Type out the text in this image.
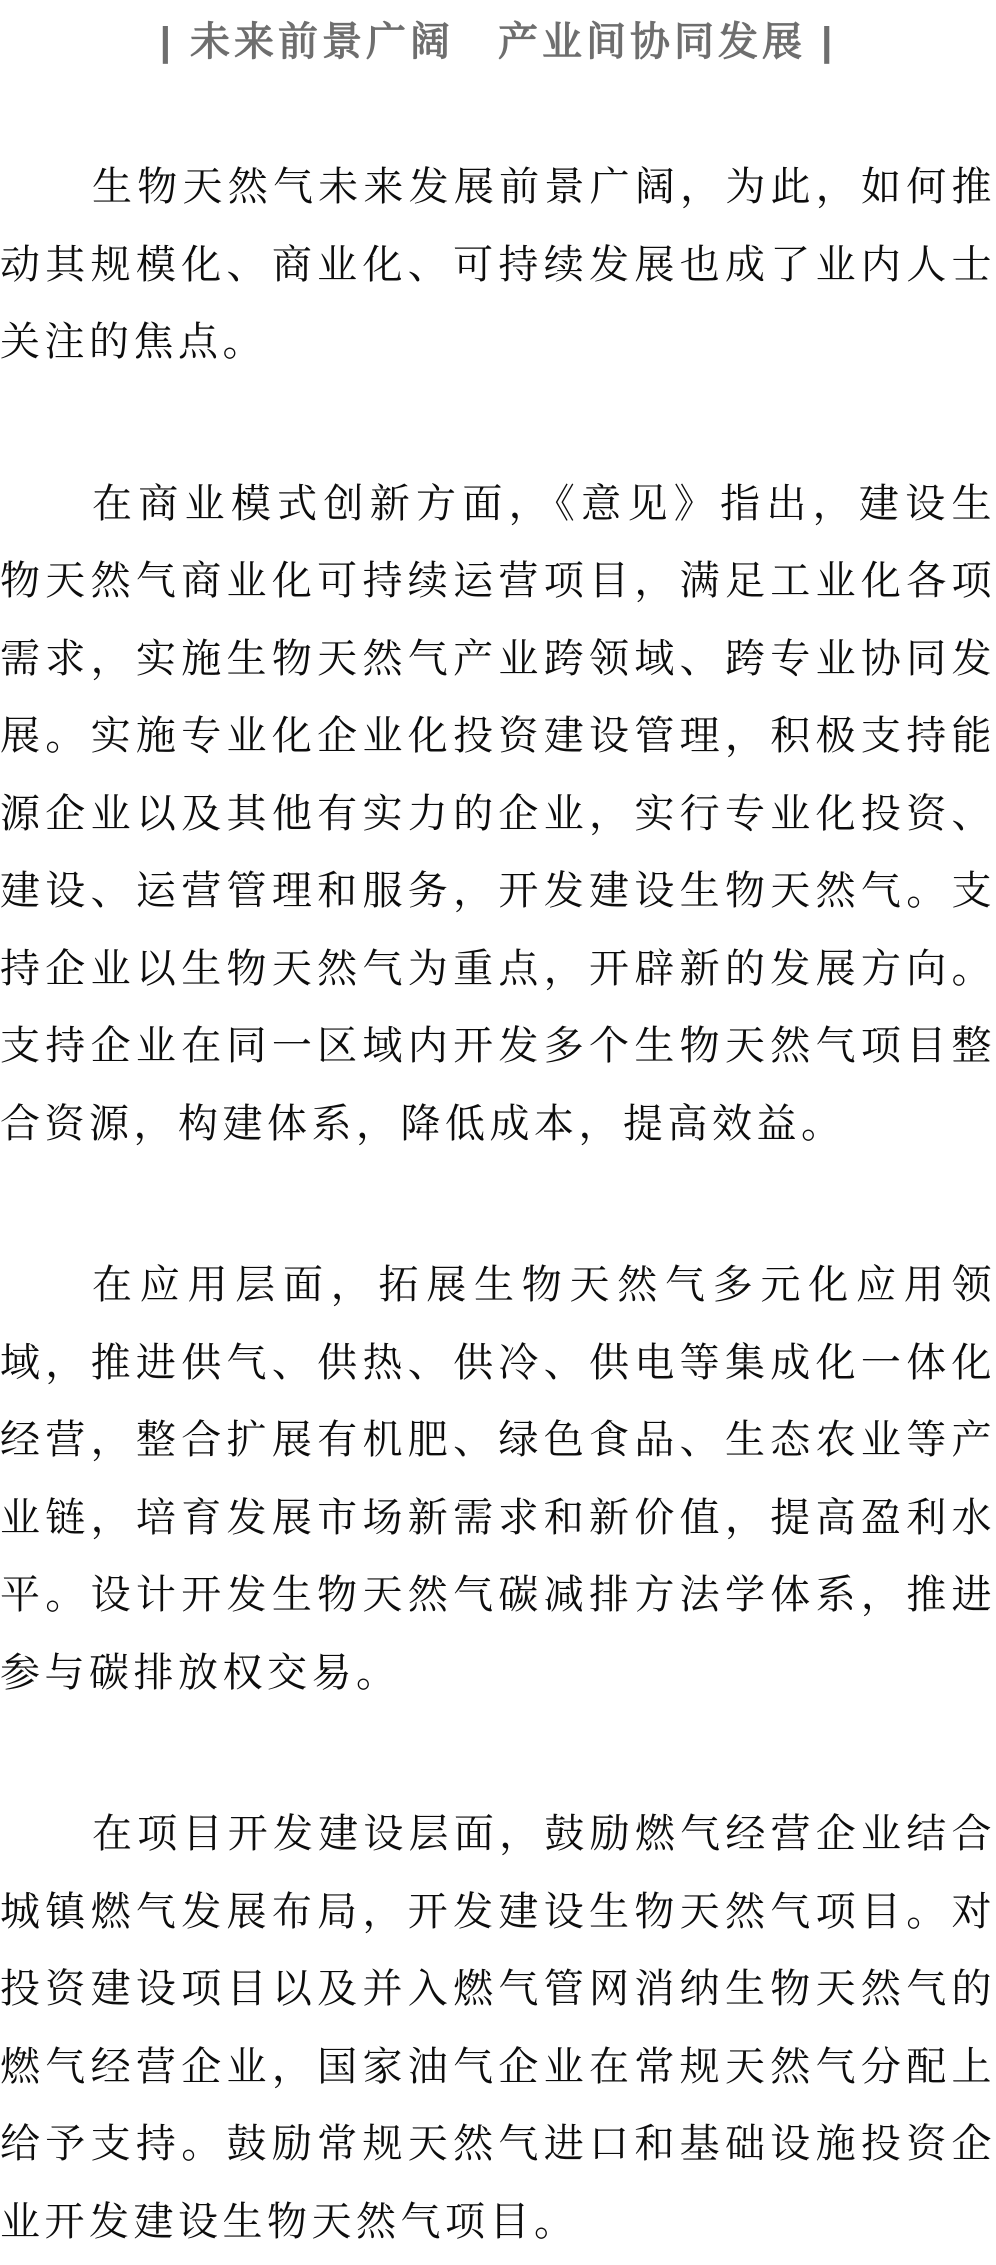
| 未来前景广阔　产业间协同发展 |

生物天然气未来发展前景广阔，为此，如何推动其规模化、商业化、可持续发展也成了业内人士关注的焦点。

在商业模式创新方面，《意见》指出，建设生物天然气商业化可持续运营项目，满足工业化各项需求，实施生物天然气产业跨领域、跨专业协同发展。实施专业化企业化投资建设管理，积极支持能源企业以及其他有实力的企业，实行专业化投资、建设、运营管理和服务，开发建设生物天然气。支持企业以生物天然气为重点，开辟新的发展方向。支持企业在同一区域内开发多个生物天然气项目整合资源，构建体系，降低成本，提高效益。

在应用层面，拓展生物天然气多元化应用领域，推进供气、供热、供冷、供电等集成化一体化经营，整合扩展有机肥、绿色食品、生态农业等产业链，培育发展市场新需求和新价值，提高盈利水平。设计开发生物天然气碳减排方法学体系，推进参与碳排放权交易。

在项目开发建设层面，鼓励燃气经营企业结合城镇燃气发展布局，开发建设生物天然气项目。对投资建设项目以及并入燃气管网消纳生物天然气的燃气经营企业，国家油气企业在常规天然气分配上给予支持。鼓励常规天然气进口和基础设施投资企业开发建设生物天然气项目。
